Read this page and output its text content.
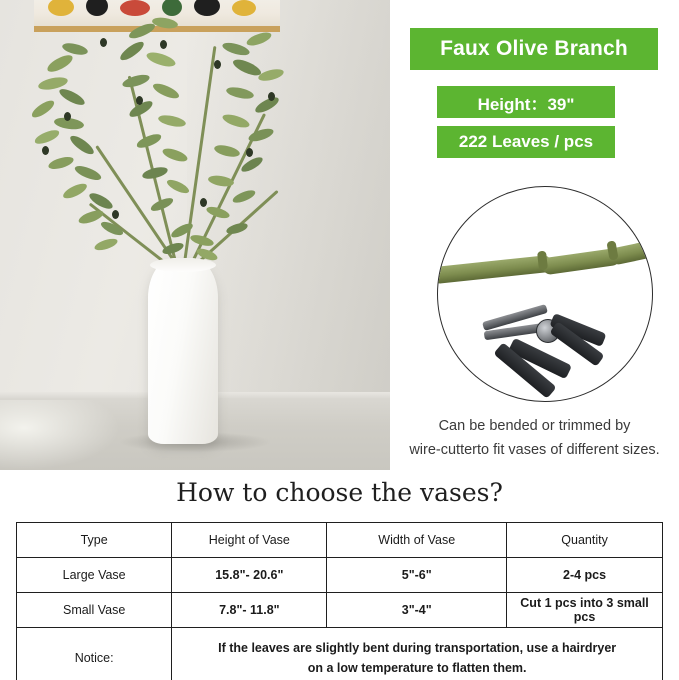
Faux Olive Branch
Height：39"
222 Leaves / pcs
Can be bended or trimmed by
wire-cutterto fit vases of different sizes.
How to choose the vases?
Type	Height of Vase	Width of Vase	Quantity
Large Vase	15.8"- 20.6"	5"-6"	2-4 pcs
Small Vase	7.8"- 11.8"	3"-4"	Cut 1 pcs into 3 small pcs
Notice:	If the leaves are slightly bent during transportation, use a hairdryer
on a low temperature to flatten them.		
